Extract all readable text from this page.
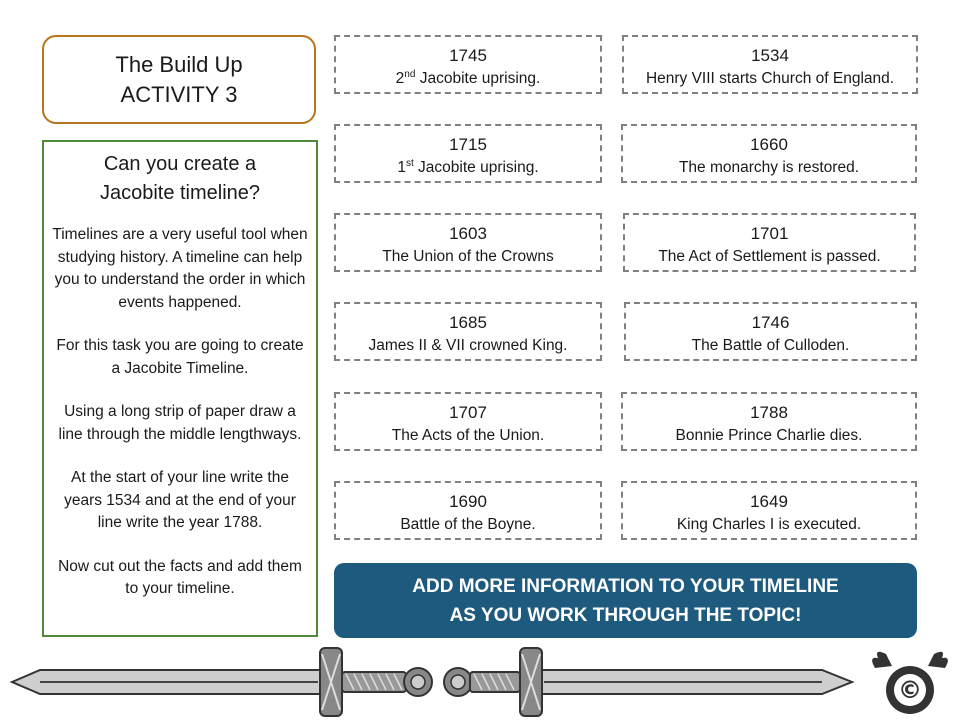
The Build Up
ACTIVITY 3
Can you create a
Jacobite timeline?

Timelines are a very useful tool when studying history. A timeline can help you to understand the order in which events happened.

For this task you are going to create a Jacobite Timeline.

Using a long strip of paper draw a line through the middle lengthways.

At the start of your line write the years 1534 and at the end of your line write the year 1788.

Now cut out the facts and add them to your timeline.

1745
2nd Jacobite uprising.
1534
Henry VIII starts Church of England.
1715
1st Jacobite uprising.
1660
The monarchy is restored.
1603
The Union of the Crowns
1701
The Act of Settlement is passed.
1685
James II & VII crowned King.
1746
The Battle of Culloden.
1707
The Acts of the Union.
1788
Bonnie Prince Charlie dies.
1690
Battle of the Boyne.
1649
King Charles I is executed.
ADD MORE INFORMATION TO YOUR TIMELINE
AS YOU WORK THROUGH THE TOPIC!
©
